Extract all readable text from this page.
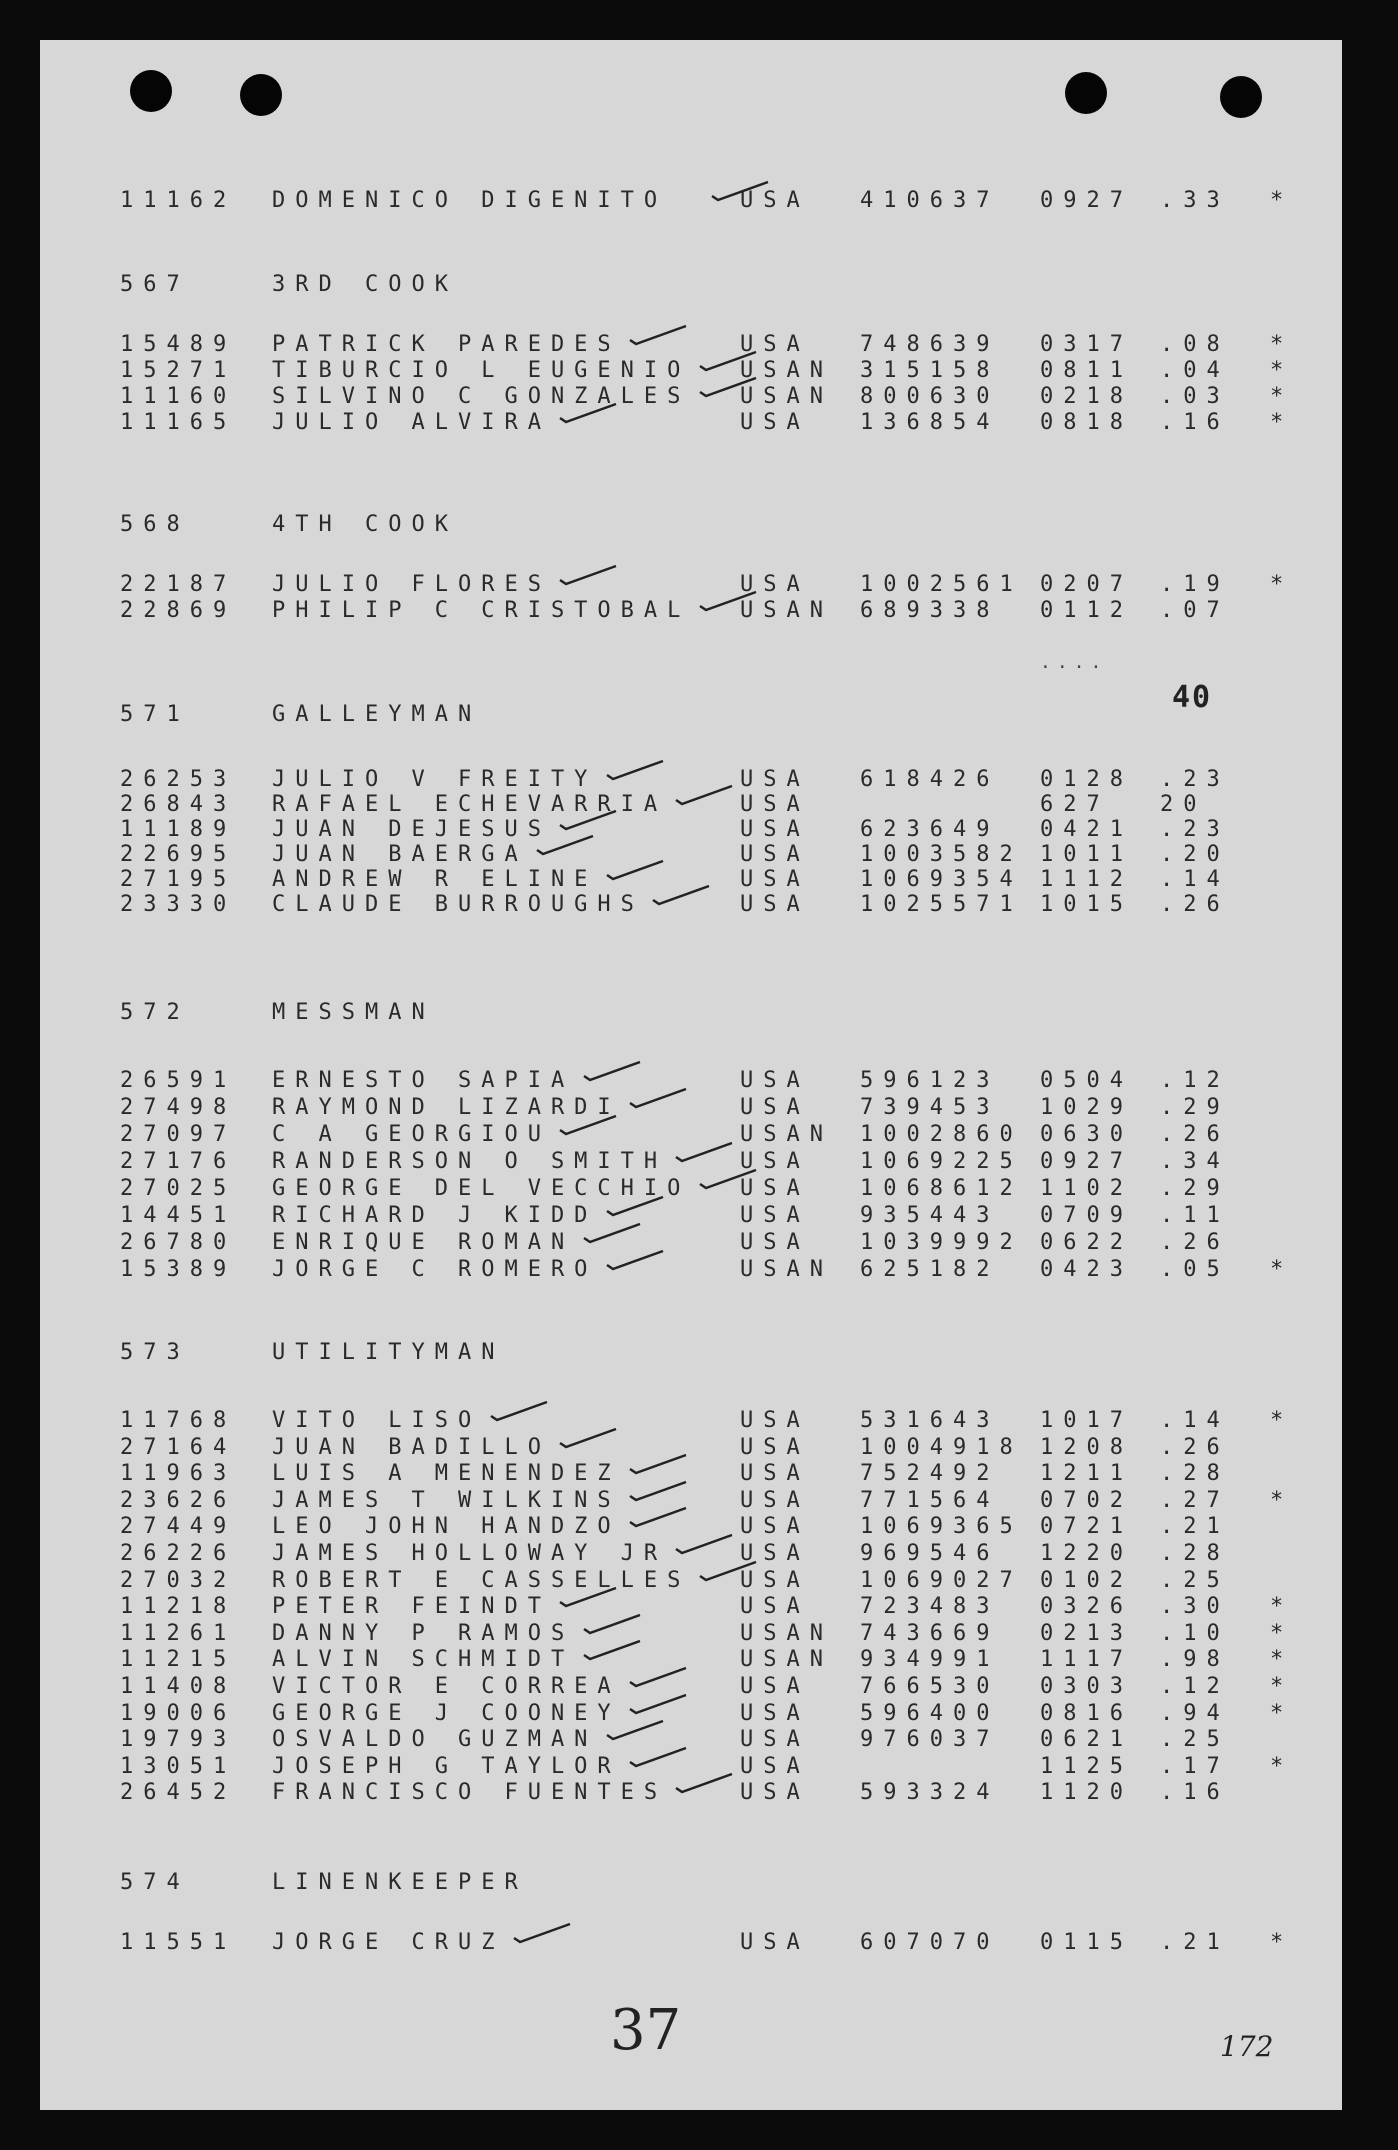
11162 DOMENICO DIGENITO	USA 410637 0927 .33 *
567	3RD COOK
15489 PATRICK PAREDES	USA 748639 0317 .08 *
15271 TIBURCIO L EUGENIO USAN 315158 0811 .04 *
11160 SILVINO C GONZALES USAN 800630 0218 .03 *
11165 JULIO ALVIRA	USA 136854 0818 .16 *
568	4TH COOK
22187 JULIO FLORES	USA 1002561 0207 .19 *
22869 PHILIP C CRISTOBAL USAN 689338 0112 .07
571	GALLEYMAN
26253 JULIO V FREITY	USA 618426 0128 .23
26843 RAFAEL ECHEVARRIA	USA	627 20
11189 JUAN DEJESUS	USA 623649 0421 .23
22695 JUAN BAERGA	USA 1003582 1011 .20
27195 ANDREW R ELINE	USA 1069354 1112 .14
23330 CLAUDE BURROUGHS	USA 1025571 1015 .26
572	MESSMAN
26591 ERNESTO SAPIA	USA 596123 0504 .12
27498 RAYMOND LIZARDI	USA 739453 1029 .29
27097 C A GEORGIOU	USAN 1002860 0630 .26
27176 RANDERSON O SMITH	USA 1069225 0927 .34
27025 GEORGE DEL VECCHIO USA 1068612 1102 .29
14451 RICHARD J KIDD	USA 935443 0709 .11
26780 ENRIQUE ROMAN	USA 1039992 0622 .26
15389 JORGE C ROMERO	USAN 625182 0423 .05 *
573	UTILITYMAN
11768 VITO LISO	USA 531643 1017 .14 *
27164 JUAN BADILLO	USA 1004918 1208 .26
11963 LUIS A MENENDEZ	USA 752492 1211 .28
23626 JAMES T WILKINS	USA 771564 0702 .27 *
27449 LEO JOHN HANDZO	USA 1069365 0721 .21
26226 JAMES HOLLOWAY JR	USA 969546 1220 .28
27032 ROBERT E CASSELLES USA 1069027 0102 .25
11218 PETER FEINDT	USA 723483 0326 .30 *
11261 DANNY P RAMOS	USAN 743669 0213 .10 *
11215 ALVIN SCHMIDT	USAN 934991 1117 .98 *
11408 VICTOR E CORREA	USA 766530 0303 .12 *
19006 GEORGE J COONEY	USA 596400 0816 .94 *
19793 OSVALDO GUZMAN	USA 976037 0621 .25
13051 JOSEPH G TAYLOR	USA	1125 .17 *
26452 FRANCISCO FUENTES	USA 593324 1120 .16
574	LINENKEEPER
11551 JORGE CRUZ	USA 607070 0115 .21 *
....
40
37	172
